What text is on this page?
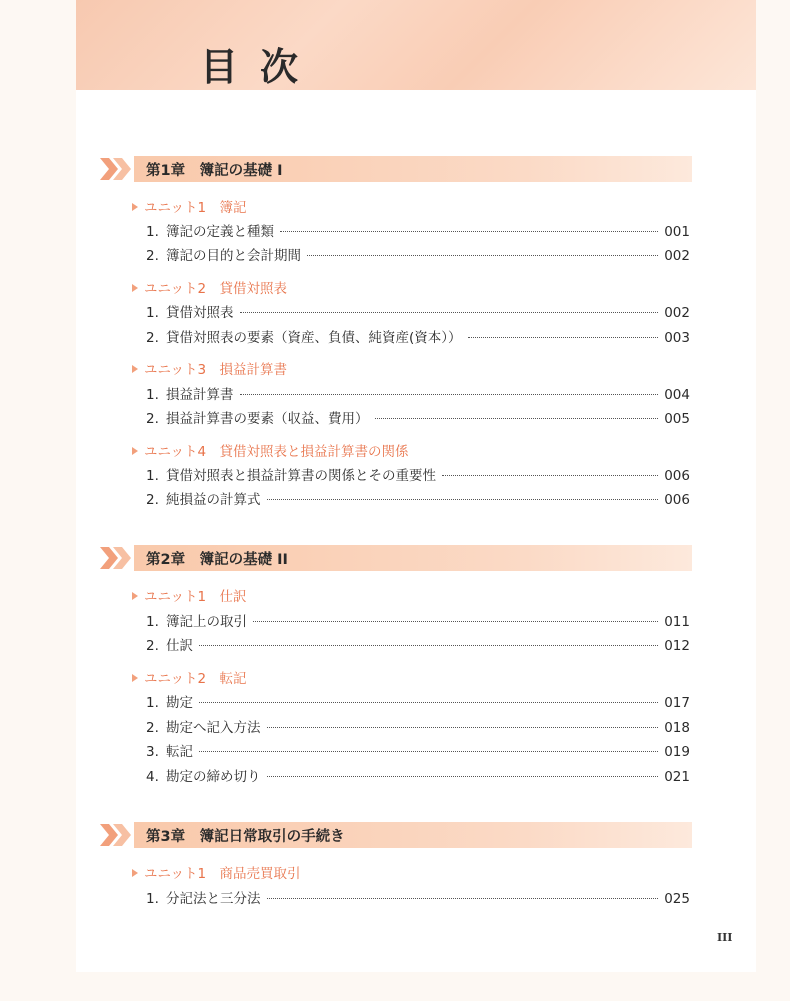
目次
第1章　簿記の基礎 I
ユニット1　簿記
1. 簿記の定義と種類	001
2. 簿記の目的と会計期間	002
ユニット2　貸借対照表
1. 貸借対照表	002
2. 貸借対照表の要素（資産、負債、純資産(資本））	003
ユニット3　損益計算書
1. 損益計算書	004
2. 損益計算書の要素（収益、費用）	005
ユニット4　貸借対照表と損益計算書の関係
1. 貸借対照表と損益計算書の関係とその重要性	006
2. 純損益の計算式	006
第2章　簿記の基礎 II
ユニット1　仕訳
1. 簿記上の取引	011
2. 仕訳	012
ユニット2　転記
1. 勘定	017
2. 勘定へ記入方法	018
3. 転記	019
4. 勘定の締め切り	021
第3章　簿記日常取引の手続き
ユニット1　商品売買取引
1. 分記法と三分法	025
III
